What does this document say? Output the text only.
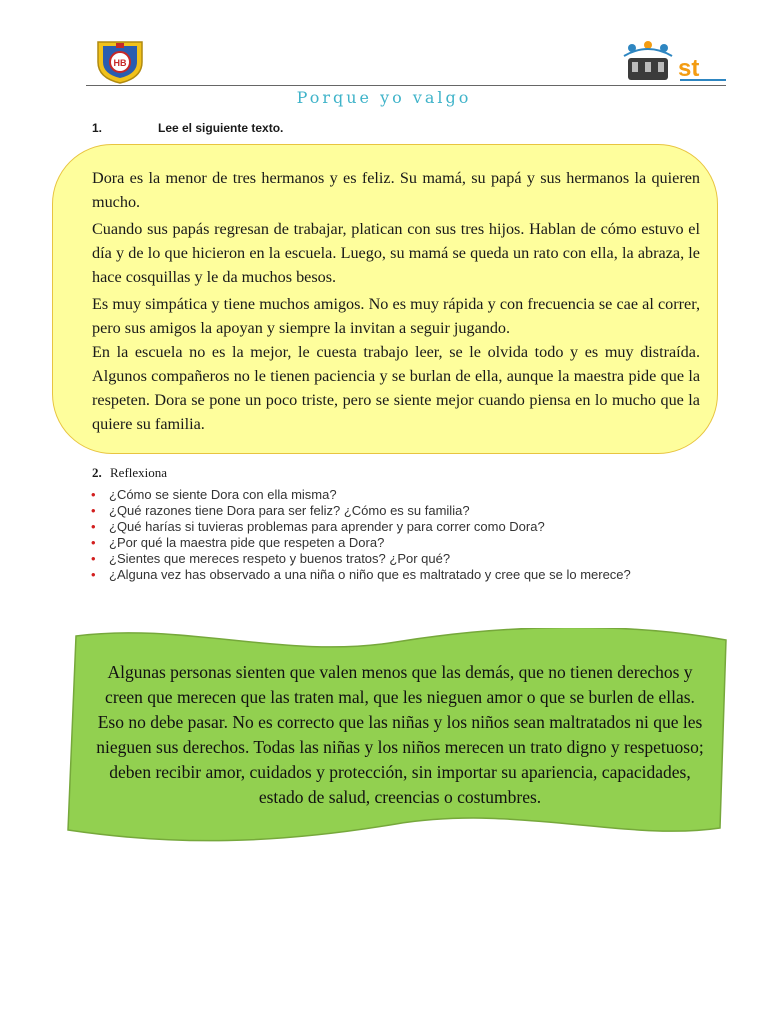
HB	st
Porque yo valgo
1.	Lee el siguiente texto.

Dora es la menor de tres hermanos y es feliz. Su mamá, su papá y sus hermanos la quieren mucho.

Cuando sus papás regresan de trabajar, platican con sus tres hijos. Hablan de cómo estuvo el día y de lo que hicieron en la escuela. Luego, su mamá se queda un rato con ella, la abraza, le hace cosquillas y le da muchos besos.

Es muy simpática y tiene muchos amigos. No es muy rápida y con frecuencia se cae al correr, pero sus amigos la apoyan y siempre la invitan a seguir jugando.

En la escuela no es la mejor, le cuesta trabajo leer, se le olvida todo y es muy distraída. Algunos compañeros no le tienen paciencia y se burlan de ella, aunque la maestra pide que la respeten. Dora se pone un poco triste, pero se siente mejor cuando piensa en lo mucho que la quiere su familia.

2. Reflexiona
• ¿Cómo se siente Dora con ella misma?
• ¿Qué razones tiene Dora para ser feliz? ¿Cómo es su familia?
• ¿Qué harías si tuvieras problemas para aprender y para correr como Dora?
• ¿Por qué la maestra pide que respeten a Dora?
• ¿Sientes que mereces respeto y buenos tratos? ¿Por qué?
• ¿Alguna vez has observado a una niña o niño que es maltratado y cree que se lo merece?
Algunas personas sienten que valen menos que las demás, que no tienen derechos y creen que merecen que las traten mal, que les nieguen amor o que se burlen de ellas. Eso no debe pasar. No es correcto que las niñas y los niños sean maltratados ni que les nieguen sus derechos. Todas las niñas y los niños merecen un trato digno y respetuoso; deben recibir amor, cuidados y protección, sin importar su apariencia, capacidades, estado de salud, creencias o costumbres.
